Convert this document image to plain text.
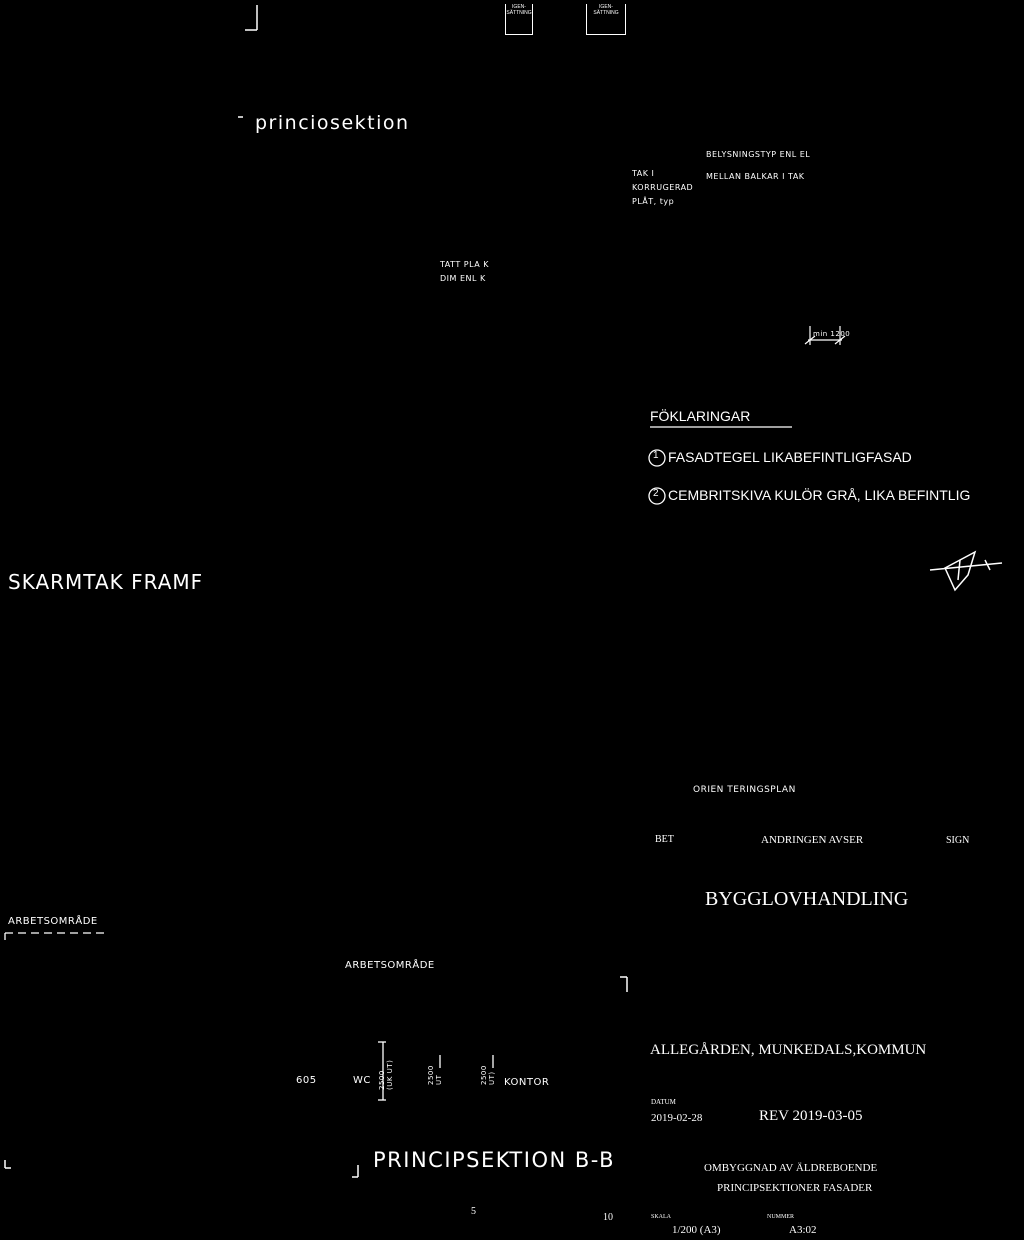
IGEN-
SÄTTNING
IGEN-
SÄTTNING
princiosektion
BELYSNINGSTYP ENL EL
TAK I	MELLAN BALKAR I TAK
KORRUGERAD
PLÅT, typ
TATT PLA K
DIM ENL K
min 1200
FÖKLARINGAR
1 FASADTEGEL LIKABEFINTLIGFASAD
2 CEMBRITSKIVA KULÖR GRÅ, LIKA BEFINTLIG
SKARMTAK FRAMF
ORIEN TERINGSPLAN
BET	ANDRINGEN AVSER	SIGN
BYGGLOVHANDLING
ARBETSOMRÅDE
ARBETSOMRÅDE
605	WC 2500
(UK UT)	2500
UT	2500
UT) KONTOR
PRINCIPSEKTION B-B
5
10
ALLEGÅRDEN, MUNKEDALS,KOMMUN
DATUM
2019-02-28	REV 2019-03-05
OMBYGGNAD AV ÄLDREBOENDE
PRINCIPSEKTIONER FASADER
SKALA
1/200 (A3)
NUMMER
A3:02
